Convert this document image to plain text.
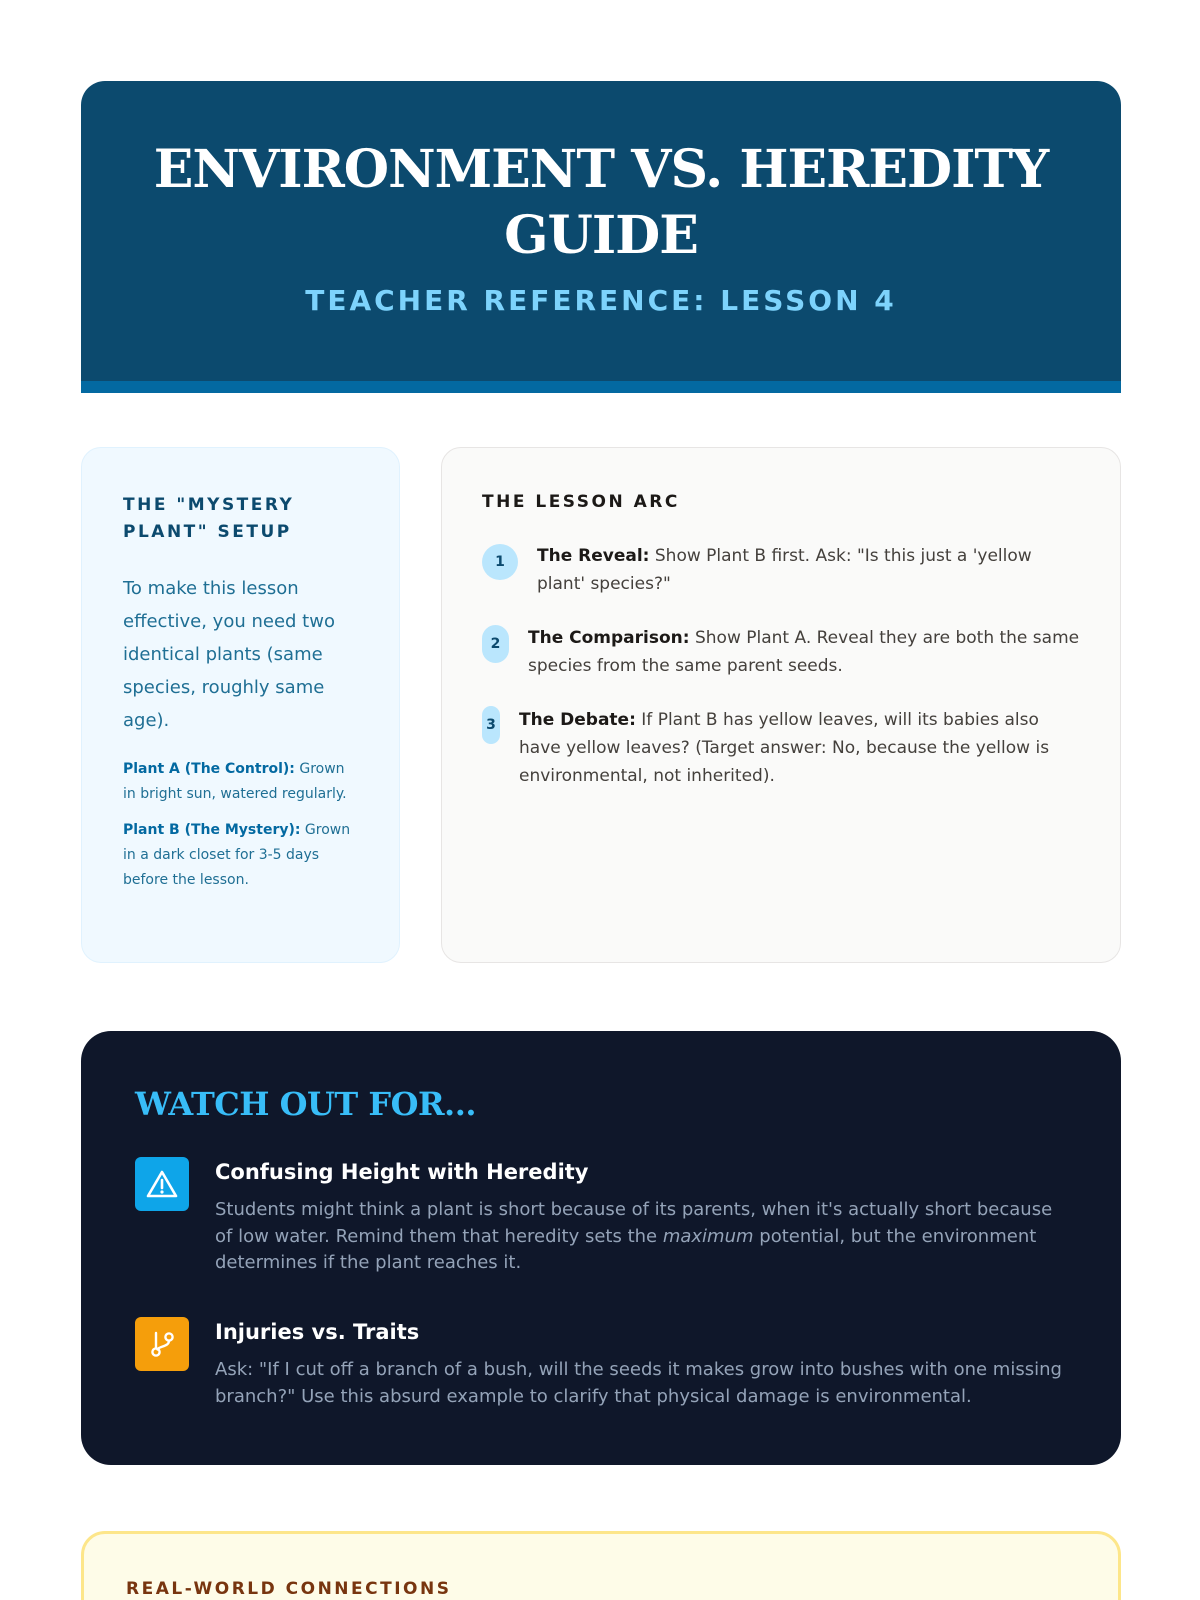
ENVIRONMENT VS. HEREDITY GUIDE
TEACHER REFERENCE: LESSON 4
THE "MYSTERY PLANT" SETUP

To make this lesson effective, you need two identical plants (same species, roughly same age).

Plant A (The Control): Grown in bright sun, watered regularly.

Plant B (The Mystery): Grown in a dark closet for 3-5 days before the lesson.

THE LESSON ARC
1	The Reveal: Show Plant B first. Ask: "Is this just a 'yellow plant' species?"
2	The Comparison: Show Plant A. Reveal they are both the same species from the same parent seeds.
3 The Debate: If Plant B has yellow leaves, will its babies also have yellow leaves? (Target answer: No, because the yellow is environmental, not inherited).
WATCH OUT FOR...
Confusing Height with Heredity

Students might think a plant is short because of its parents, when it's actually short because of low water. Remind them that heredity sets the maximum potential, but the environment determines if the plant reaches it.

Injuries vs. Traits

Ask: "If I cut off a branch of a bush, will the seeds it makes grow into bushes with one missing branch?" Use this absurd example to clarify that physical damage is environmental.

REAL-WORLD CONNECTIONS
